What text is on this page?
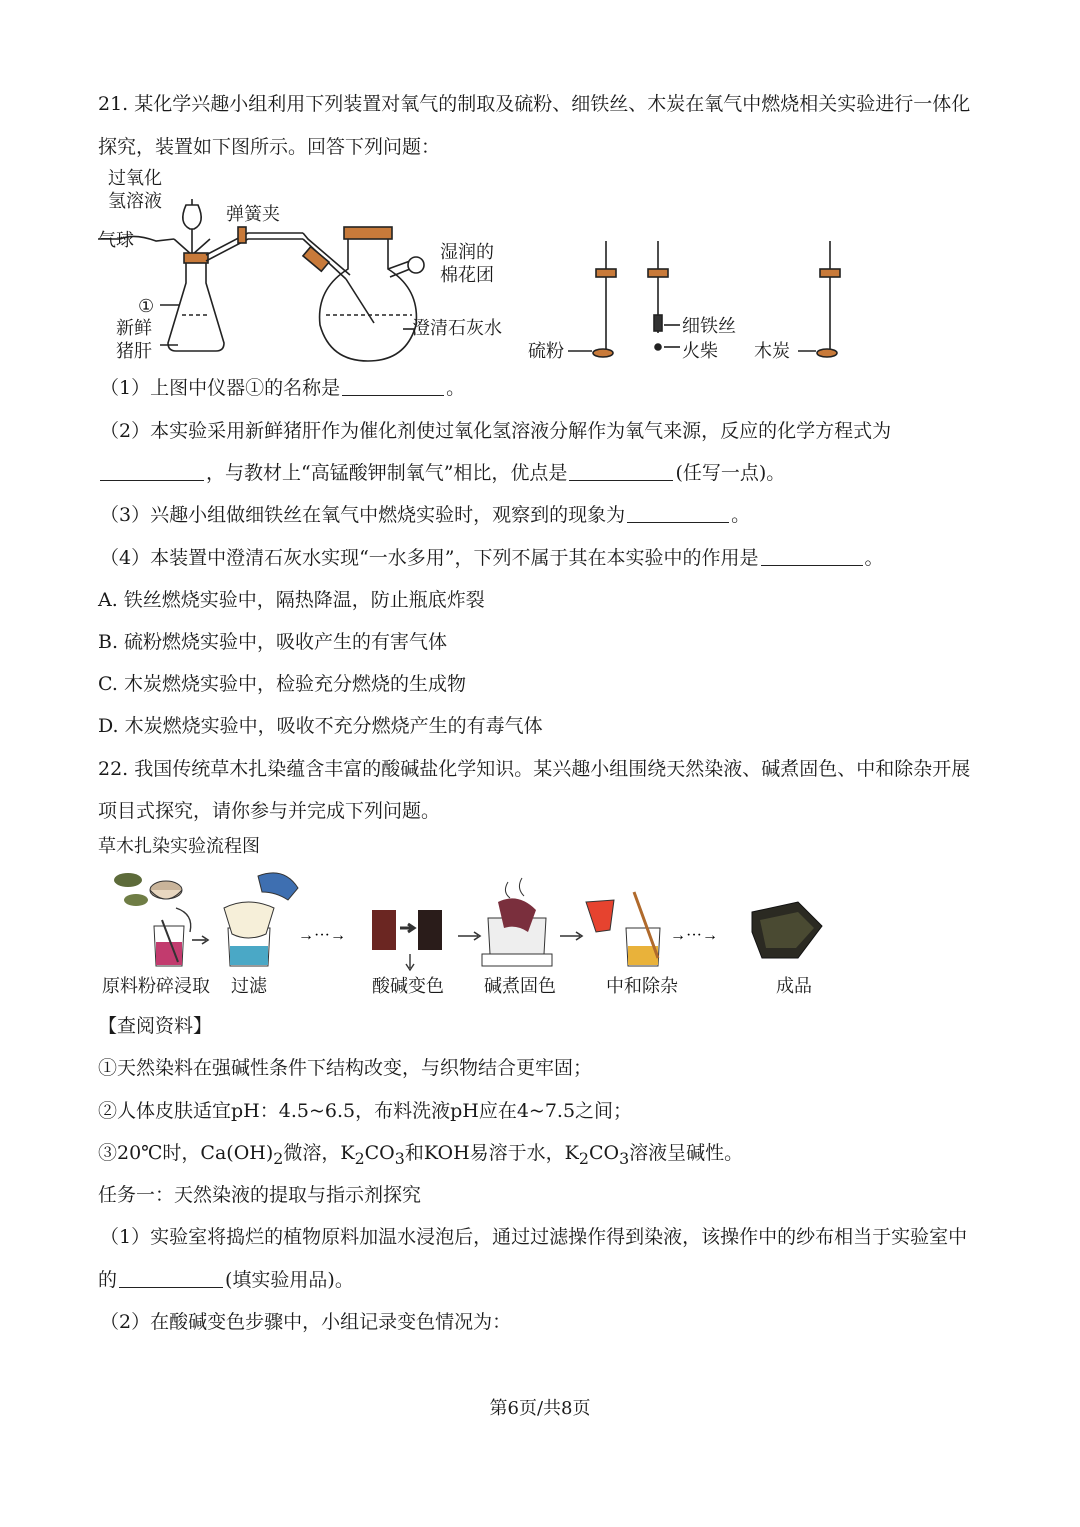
21. 某化学兴趣小组利用下列装置对氧气的制取及硫粉、细铁丝、木炭在氧气中燃烧相关实验进行一体化
探究，装置如下图所示。回答下列问题：
过氧化
氢溶液
弹簧夹
气球
湿润的
棉花团
①
新鲜
猪肝
澄清石灰水
硫粉
细铁丝
火柴 木炭
（1）上图中仪器①的名称是	。
（2）本实验采用新鲜猪肝作为催化剂使过氧化氢溶液分解作为氧气来源，反应的化学方程式为
，与教材上“高锰酸钾制氧气”相比，优点是	(任写一点)。
（3）兴趣小组做细铁丝在氧气中燃烧实验时，观察到的现象为	。
（4）本装置中澄清石灰水实现“一水多用”，下列不属于其在本实验中的作用是	。
A. 铁丝燃烧实验中，隔热降温，防止瓶底炸裂
B. 硫粉燃烧实验中，吸收产生的有害气体
C. 木炭燃烧实验中，检验充分燃烧的生成物
D. 木炭燃烧实验中，吸收不充分燃烧产生的有毒气体
22. 我国传统草木扎染蕴含丰富的酸碱盐化学知识。某兴趣小组围绕天然染液、碱煮固色、中和除杂开展
项目式探究，请你参与并完成下列问题。
草木扎染实验流程图
→···→	→···→
原料粉碎浸取 过滤	酸碱变色 碱煮固色	中和除杂	成品
【查阅资料】
①天然染料在强碱性条件下结构改变，与织物结合更牢固；
②人体皮肤适宜pH：4.5~6.5，布料洗液pH应在4~7.5之间；
③20℃时，$Ca(OH)_2$微溶，$K_2CO_3$和KOH易溶于水，$K_2CO_3$溶液呈碱性。
任务一：天然染液的提取与指示剂探究
（1）实验室将捣烂的植物原料加温水浸泡后，通过过滤操作得到染液，该操作中的纱布相当于实验室中
的	(填实验用品)。
（2）在酸碱变色步骤中，小组记录变色情况为：
第6页/共8页
